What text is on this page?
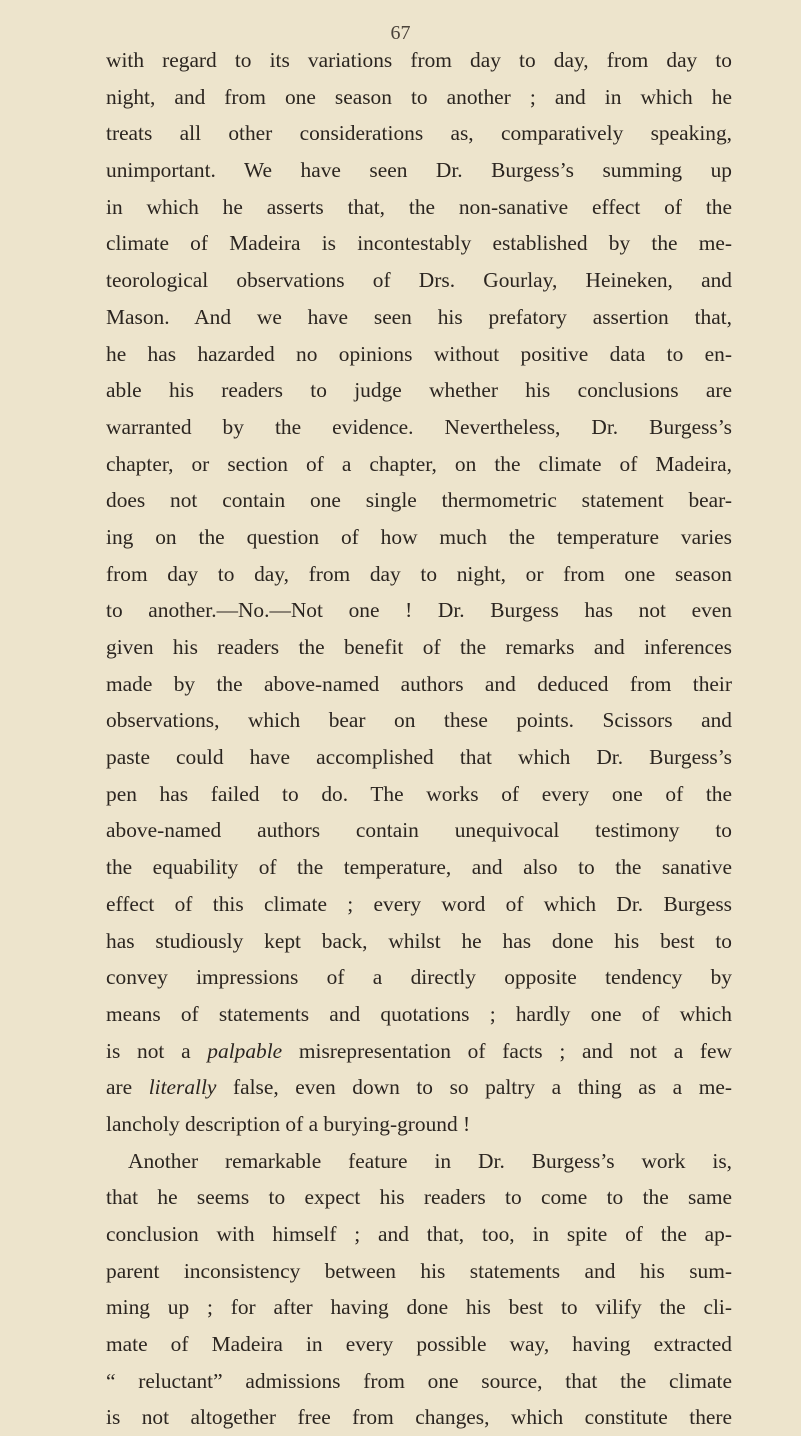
67
with regard to its variations from day to day, from day to
night, and from one season to another ; and in which he
treats all other considerations as, comparatively speaking,
unimportant. We have seen Dr. Burgess’s summing up
in which he asserts that, the non-sanative effect of the
climate of Madeira is incontestably established by the me-
teorological observations of Drs. Gourlay, Heineken, and
Mason. And we have seen his prefatory assertion that,
he has hazarded no opinions without positive data to en-
able his readers to judge whether his conclusions are
warranted by the evidence. Nevertheless, Dr. Burgess’s
chapter, or section of a chapter, on the climate of Madeira,
does not contain one single thermometric statement bear-
ing on the question of how much the temperature varies
from day to day, from day to night, or from one season
to another.—No.—Not one ! Dr. Burgess has not even
given his readers the benefit of the remarks and inferences
made by the above-named authors and deduced from their
observations, which bear on these points. Scissors and
paste could have accomplished that which Dr. Burgess’s
pen has failed to do. The works of every one of the
above-named authors contain unequivocal testimony to
the equability of the temperature, and also to the sanative
effect of this climate ; every word of which Dr. Burgess
has studiously kept back, whilst he has done his best to
convey impressions of a directly opposite tendency by
means of statements and quotations ; hardly one of which
is not a palpable misrepresentation of facts ; and not a few
are literally false, even down to so paltry a thing as a me-
lancholy description of a burying-ground !
Another remarkable feature in Dr. Burgess’s work is,
that he seems to expect his readers to come to the same
conclusion with himself ; and that, too, in spite of the ap-
parent inconsistency between his statements and his sum-
ming up ; for after having done his best to vilify the cli-
mate of Madeira in every possible way, having extracted
“ reluctant” admissions from one source, that the climate
is not altogether free from changes, which constitute there
